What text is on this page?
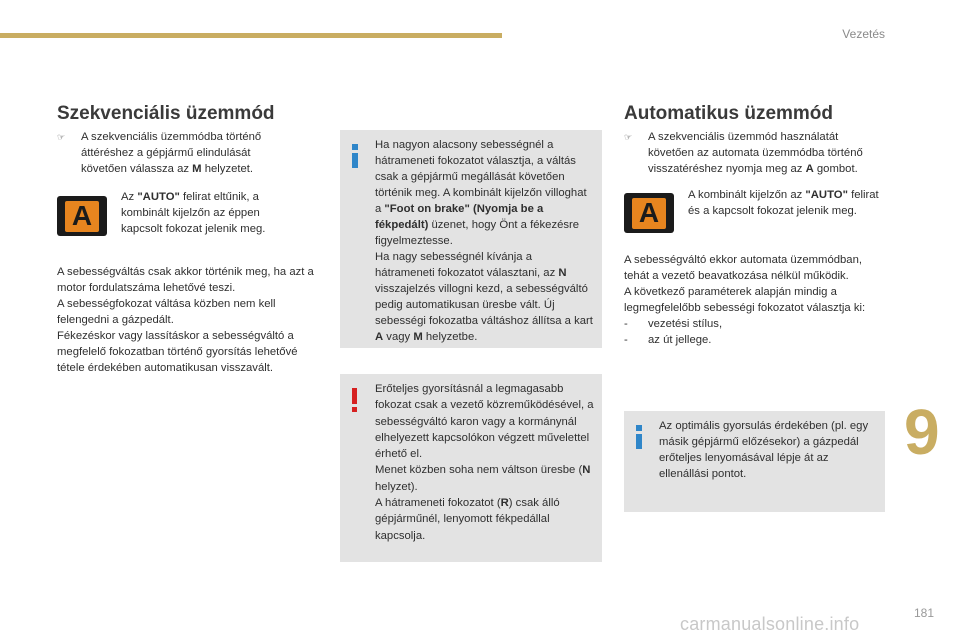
Vezetés
Szekvenciális üzemmód
☞	A szekvenciális üzemmódba történő áttéréshez a gépjármű elindulását követően válassza az M helyzetet.
A

Az "AUTO" felirat eltűnik, a kombinált kijelzőn az éppen kapcsolt fokozat jelenik meg.

A sebességváltás csak akkor történik meg, ha azt a motor fordulatszáma lehetővé teszi.

A sebességfokozat váltása közben nem kell felengedni a gázpedált.

Fékezéskor vagy lassításkor a sebességváltó a megfelelő fokozatban történő gyorsítás lehetővé tétele érdekében automatikusan visszavált.

Ha nagyon alacsony sebességnél a hátrameneti fokozatot választja, a váltás csak a gépjármű megállását követően történik meg. A kombinált kijelzőn villoghat a "Foot on brake" (Nyomja be a fékpedált) üzenet, hogy Önt a fékezésre figyelmeztesse.

Ha nagy sebességnél kívánja a hátrameneti fokozatot választani, az N visszajelzés villogni kezd, a sebességváltó pedig automatikusan üresbe vált. Új sebességi fokozatba váltáshoz állítsa a kart A vagy M helyzetbe.

Erőteljes gyorsításnál a legmagasabb fokozat csak a vezető közreműködésével, a sebességváltó karon vagy a kormánynál elhelyezett kapcsolókon végzett művelettel érhető el.

Menet közben soha nem váltson üresbe (N helyzet).

A hátrameneti fokozatot (R) csak álló gépjárműnél, lenyomott fékpedállal kapcsolja.

Automatikus üzemmód
☞	A szekvenciális üzemmód használatát követően az automata üzemmódba történő visszatéréshez nyomja meg az A gombot.
A

A kombinált kijelzőn az "AUTO" felirat és a kapcsolt fokozat jelenik meg.

A sebességváltó ekkor automata üzemmódban, tehát a vezető beavatkozása nélkül működik.

A következő paraméterek alapján mindig a legmegfelelőbb sebességi fokozatot választja ki:

-	vezetési stílus,
-	az út jellege.

Az optimális gyorsulás érdekében (pl. egy másik gépjármű előzésekor) a gázpedál erőteljes lenyomásával lépje át az ellenállási pontot.

9
181
carmanualsonline.info
